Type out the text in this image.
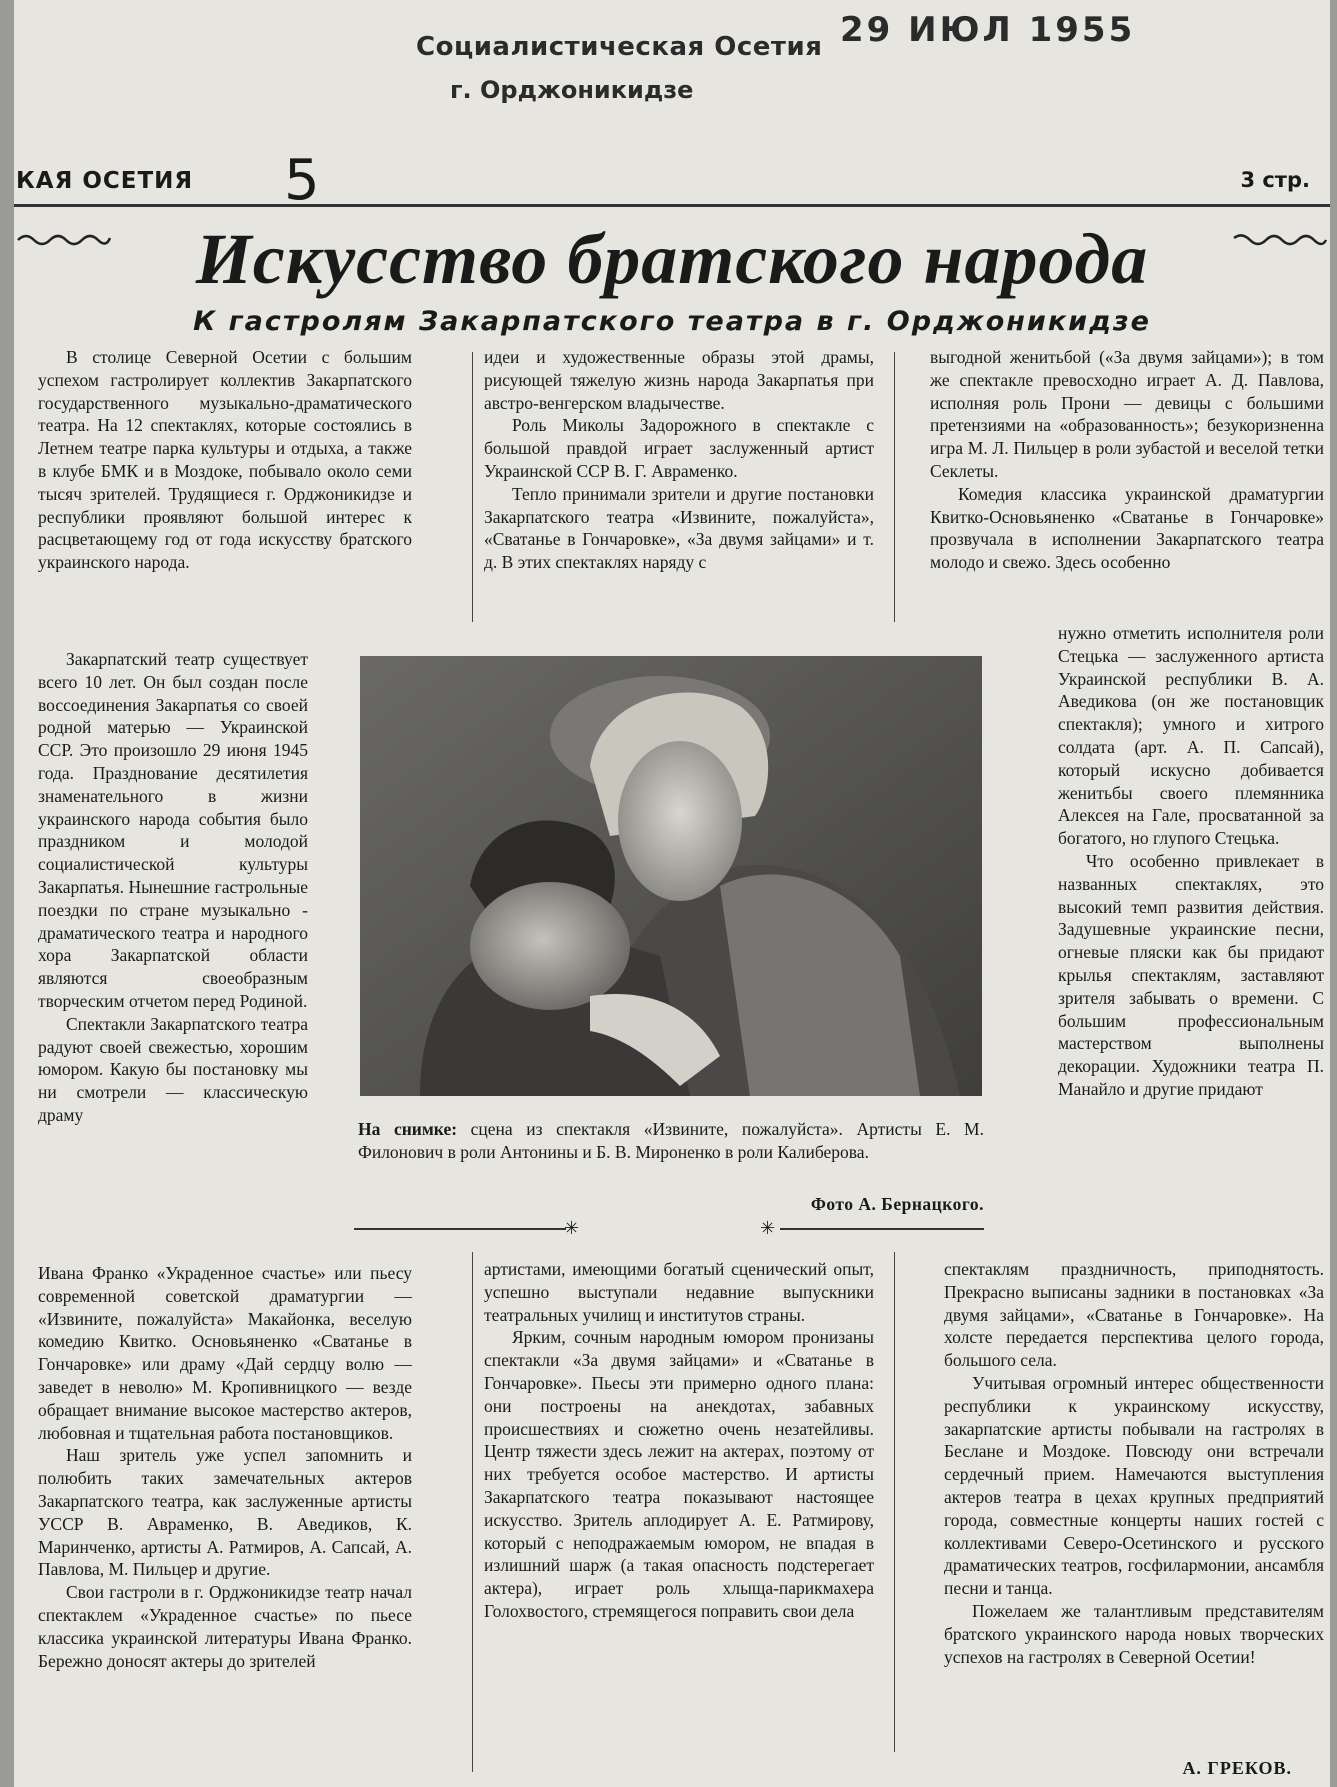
Социалистическая Осетия
г. Орджоникидзе
29 ИЮЛ 1955
КАЯ ОСЕТИЯ 5	3 стр.
Искусство братского народа
К гастролям Закарпатского театра в г. Орджоникидзе

В столице Северной Осетии с большим успехом гастролирует коллектив Закарпатского государственного музыкально-драматического театра. На 12 спектаклях, которые состоялись в Летнем театре парка культуры и отдыха, а также в клубе БМК и в Моздоке, побывало около семи тысяч зрителей. Трудящиеся г. Орджоникидзе и республики проявляют большой интерес к расцветающему год от года искусству братского украинского народа.

Закарпатский театр существует всего 10 лет. Он был создан после воссоединения Закарпатья со своей родной матерью — Украинской ССР. Это произошло 29 июня 1945 года. Празднование десятилетия знаменательного в жизни украинского народа события было праздником и молодой социалистической культуры Закарпатья. Нынешние гастрольные поездки по стране музыкально - драматического театра и народного хора Закарпатской области являются своеобразным творческим отчетом перед Родиной.

Спектакли Закарпатского театра радуют своей свежестью, хорошим юмором. Какую бы постановку мы ни смотрели — классическую драму

Ивана Франко «Украденное счастье» или пьесу современной советской драматургии — «Извините, пожалуйста» Макайонка, веселую комедию Квитко. Основьяненко «Сватанье в Гончаровке» или драму «Дай сердцу волю — заведет в неволю» М. Кропивницкого — везде обращает внимание высокое мастерство актеров, любовная и тщательная работа постановщиков.

Наш зритель уже успел запомнить и полюбить таких замечательных актеров Закарпатского театра, как заслуженные артисты УССР В. Авраменко, В. Аведиков, К. Маринченко, артисты А. Ратмиров, А. Сапсай, А. Павлова, М. Пильцер и другие.

Свои гастроли в г. Орджоникидзе театр начал спектаклем «Украденное счастье» по пьесе классика украинской литературы Ивана Франко. Бережно доносят актеры до зрителей

идеи и художественные образы этой драмы, рисующей тяжелую жизнь народа Закарпатья при австро-венгерском владычестве.

Роль Миколы Задорожного в спектакле с большой правдой играет заслуженный артист Украинской ССР В. Г. Авраменко.

Тепло принимали зрители и другие постановки Закарпатского театра «Извините, пожалуйста», «Сватанье в Гончаровке», «За двумя зайцами» и т. д. В этих спектаклях наряду с

На снимке: сцена из спектакля «Извините, пожалуйста». Артисты Е. М. Филонович в роли Антонины и Б. В. Мироненко в роли Калиберова.
Фото А. Бернацкого.
✳	✳

артистами, имеющими богатый сценический опыт, успешно выступали недавние выпускники театральных училищ и институтов страны.

Ярким, сочным народным юмором пронизаны спектакли «За двумя зайцами» и «Сватанье в Гончаровке». Пьесы эти примерно одного плана: они построены на анекдотах, забавных происшествиях и сюжетно очень незатейливы. Центр тяжести здесь лежит на актерах, поэтому от них требуется особое мастерство. И артисты Закарпатского театра показывают настоящее искусство. Зритель аплодирует А. Е. Ратмирову, который с неподражаемым юмором, не впадая в излишний шарж (а такая опасность подстерегает актера), играет роль хлыща-парикмахера Голохвостого, стремящегося поправить свои дела

выгодной женитьбой («За двумя зайцами»); в том же спектакле превосходно играет А. Д. Павлова, исполняя роль Прони — девицы с большими претензиями на «образованность»; безукоризненна игра М. Л. Пильцер в роли зубастой и веселой тетки Секлеты.

Комедия классика украинской драматургии Квитко-Основьяненко «Сватанье в Гончаровке» прозвучала в исполнении Закарпатского театра молодо и свежо. Здесь особенно

нужно отметить исполнителя роли Стецька — заслуженного артиста Украинской республики В. А. Аведикова (он же постановщик спектакля); умного и хитрого солдата (арт. А. П. Сапсай), который искусно добивается женитьбы своего племянника Алексея на Гале, просватанной за богатого, но глупого Стецька.

Что особенно привлекает в названных спектаклях, это высокий темп развития действия. Задушевные украинские песни, огневые пляски как бы придают крылья спектаклям, заставляют зрителя забывать о времени. С большим профессиональным мастерством выполнены декорации. Художники театра П. Манайло и другие придают

спектаклям праздничность, приподнятость. Прекрасно выписаны задники в постановках «За двумя зайцами», «Сватанье в Гончаровке». На холсте передается перспектива целого города, большого села.

Учитывая огромный интерес общественности республики к украинскому искусству, закарпатские артисты побывали на гастролях в Беслане и Моздоке. Повсюду они встречали сердечный прием. Намечаются выступления актеров театра в цехах крупных предприятий города, совместные концерты наших гостей с коллективами Северо-Осетинского и русского драматических театров, госфилармонии, ансамбля песни и танца.

Пожелаем же талантливым представителям братского украинского народа новых творческих успехов на гастролях в Северной Осетии!

А. ГРЕКОВ.
